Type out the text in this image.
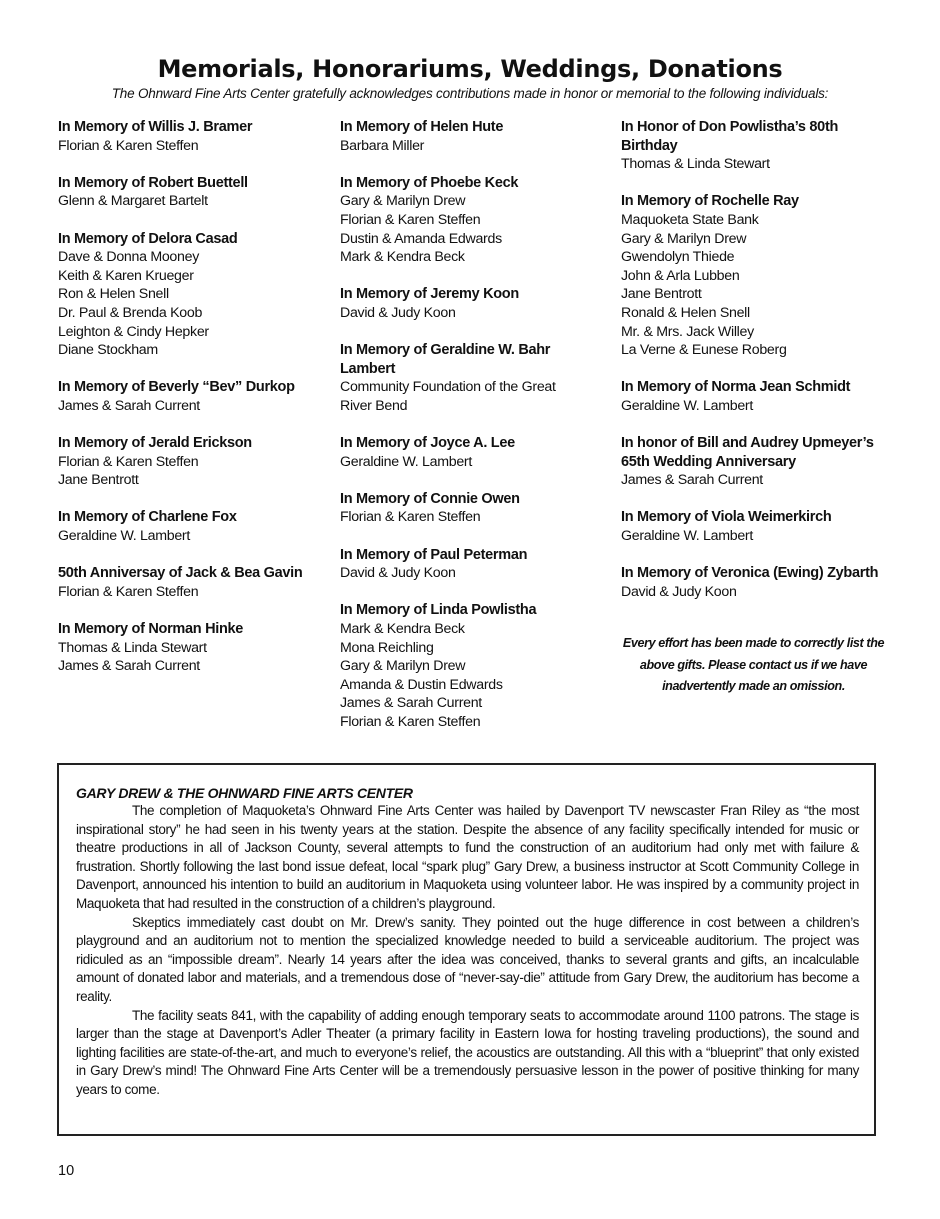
Memorials, Honorariums, Weddings, Donations
The Ohnward Fine Arts Center gratefully acknowledges contributions made in honor or memorial to the following individuals:
In Memory of Willis J. Bramer
Florian & Karen Steffen
In Memory of Robert Buettell
Glenn & Margaret Bartelt
In Memory of Delora Casad
Dave & Donna Mooney
Keith & Karen Krueger
Ron & Helen Snell
Dr. Paul & Brenda Koob
Leighton & Cindy Hepker
Diane Stockham
In Memory of Beverly “Bev” Durkop
James & Sarah Current
In Memory of Jerald Erickson
Florian & Karen Steffen
Jane Bentrott
In Memory of Charlene Fox
Geraldine W. Lambert
50th Anniversay of Jack & Bea Gavin
Florian & Karen Steffen
In Memory of Norman Hinke
Thomas & Linda Stewart
James & Sarah Current
In Memory of Helen Hute
Barbara Miller
In Memory of Phoebe Keck
Gary & Marilyn Drew
Florian & Karen Steffen
Dustin & Amanda Edwards
Mark & Kendra Beck
In Memory of Jeremy Koon
David & Judy Koon
In Memory of Geraldine W. Bahr Lambert
Community Foundation of the Great
River Bend
In Memory of Joyce A. Lee
Geraldine W. Lambert
In Memory of Connie Owen
Florian & Karen Steffen
In Memory of Paul Peterman
David & Judy Koon
In Memory of Linda Powlistha
Mark & Kendra Beck
Mona Reichling
Gary & Marilyn Drew
Amanda & Dustin Edwards
James & Sarah Current
Florian & Karen Steffen
In Honor of Don Powlistha’s 80th Birthday
Thomas & Linda Stewart
In Memory of Rochelle Ray
Maquoketa State Bank
Gary & Marilyn Drew
Gwendolyn Thiede
John & Arla Lubben
Jane Bentrott
Ronald & Helen Snell
Mr. & Mrs. Jack Willey
La Verne & Eunese Roberg
In Memory of Norma Jean Schmidt
Geraldine W. Lambert
In honor of Bill and Audrey Upmeyer’s 65th Wedding Anniversary
James & Sarah Current
In Memory of Viola Weimerkirch
Geraldine W. Lambert
In Memory of Veronica (Ewing) Zybarth
David & Judy Koon
Every effort has been made to correctly list the above gifts. Please contact us if we have inadvertently made an omission.
GARY DREW & THE OHNWARD FINE ARTS CENTER

The completion of Maquoketa’s Ohnward Fine Arts Center was hailed by Davenport TV newscaster Fran Riley as “the most inspirational story” he had seen in his twenty years at the station. Despite the absence of any facility specifically intended for music or theatre productions in all of Jackson County, several attempts to fund the construction of an auditorium had only met with failure & frustration. Shortly following the last bond issue defeat, local “spark plug” Gary Drew, a business instructor at Scott Community College in Davenport, announced his intention to build an auditorium in Maquoketa using volunteer labor. He was inspired by a community project in Maquoketa that had resulted in the construction of a children’s playground.

Skeptics immediately cast doubt on Mr. Drew’s sanity. They pointed out the huge difference in cost between a children’s playground and an auditorium not to mention the specialized knowledge needed to build a serviceable auditorium. The project was ridiculed as an “impossible dream”. Nearly 14 years after the idea was conceived, thanks to several grants and gifts, an incalculable amount of donated labor and materials, and a tremendous dose of “never-say-die” attitude from Gary Drew, the auditorium has become a reality.

The facility seats 841, with the capability of adding enough temporary seats to accommodate around 1100 patrons. The stage is larger than the stage at Davenport’s Adler Theater (a primary facility in Eastern Iowa for hosting traveling productions), the sound and lighting facilities are state-of-the-art, and much to everyone’s relief, the acoustics are outstanding. All this with a “blueprint” that only existed in Gary Drew’s mind! The Ohnward Fine Arts Center will be a tremendously persuasive lesson in the power of positive thinking for many years to come.

10
